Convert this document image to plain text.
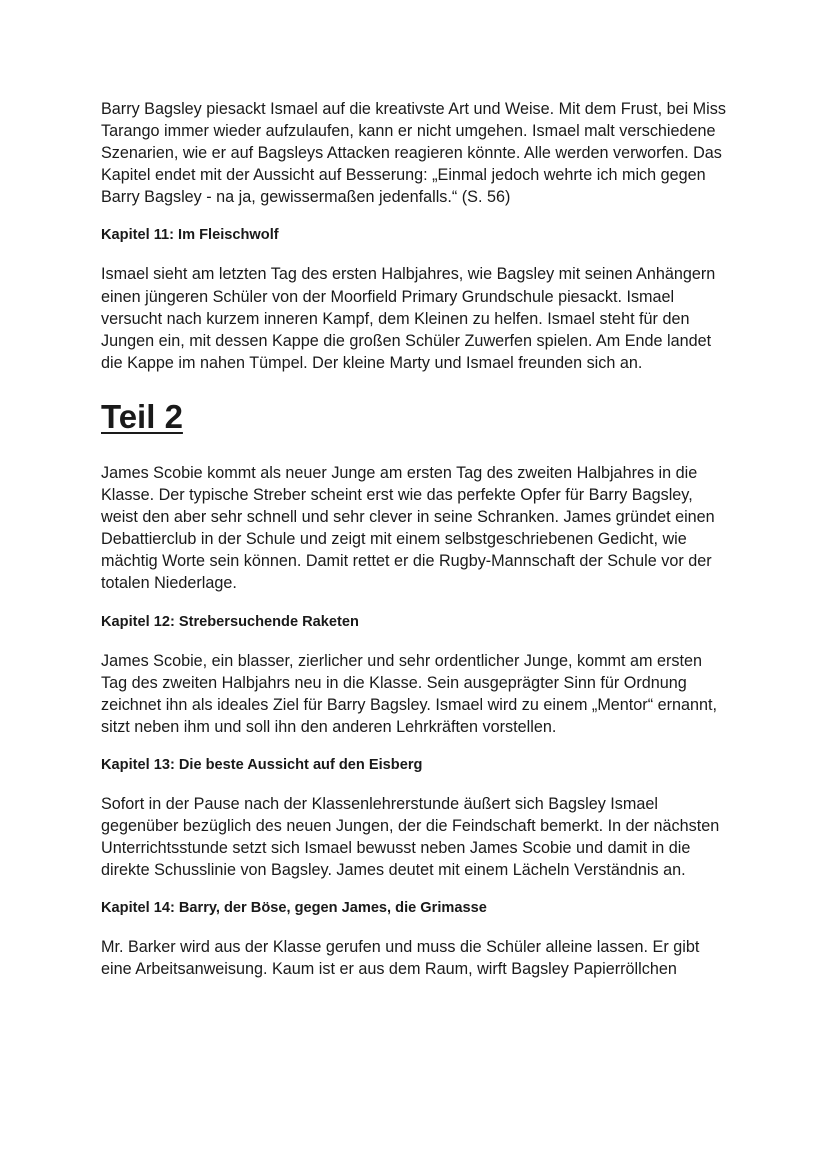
Barry Bagsley piesackt Ismael auf die kreativste Art und Weise. Mit dem Frust, bei Miss Tarango immer wieder aufzulaufen, kann er nicht umgehen. Ismael malt verschiedene Szenarien, wie er auf Bagsleys Attacken reagieren könnte. Alle werden verworfen. Das Kapitel endet mit der Aussicht auf Besserung: „Einmal jedoch wehrte ich mich gegen Barry Bagsley - na ja, gewissermaßen jedenfalls.“ (S. 56)

Kapitel 11: Im Fleischwolf

Ismael sieht am letzten Tag des ersten Halbjahres, wie Bagsley mit seinen Anhängern einen jüngeren Schüler von der Moorfield Primary Grundschule piesackt. Ismael versucht nach kurzem inneren Kampf, dem Kleinen zu helfen. Ismael steht für den Jungen ein, mit dessen Kappe die großen Schüler Zuwerfen spielen. Am Ende landet die Kappe im nahen Tümpel. Der kleine Marty und Ismael freunden sich an.

Teil 2

James Scobie kommt als neuer Junge am ersten Tag des zweiten Halbjahres in die Klasse. Der typische Streber scheint erst wie das perfekte Opfer für Barry Bagsley, weist den aber sehr schnell und sehr clever in seine Schranken. James gründet einen Debattierclub in der Schule und zeigt mit einem selbstgeschriebenen Gedicht, wie mächtig Worte sein können. Damit rettet er die Rugby-Mannschaft der Schule vor der totalen Niederlage.

Kapitel 12: Strebersuchende Raketen

James Scobie, ein blasser, zierlicher und sehr ordentlicher Junge, kommt am ersten Tag des zweiten Halbjahrs neu in die Klasse. Sein ausgeprägter Sinn für Ordnung zeichnet ihn als ideales Ziel für Barry Bagsley. Ismael wird zu einem „Mentor“ ernannt, sitzt neben ihm und soll ihn den anderen Lehrkräften vorstellen.

Kapitel 13: Die beste Aussicht auf den Eisberg

Sofort in der Pause nach der Klassenlehrerstunde äußert sich Bagsley Ismael gegenüber bezüglich des neuen Jungen, der die Feindschaft bemerkt. In der nächsten Unterrichtsstunde setzt sich Ismael bewusst neben James Scobie und damit in die direkte Schusslinie von Bagsley. James deutet mit einem Lächeln Verständnis an.

Kapitel 14: Barry, der Böse, gegen James, die Grimasse

Mr. Barker wird aus der Klasse gerufen und muss die Schüler alleine lassen. Er gibt eine Arbeitsanweisung. Kaum ist er aus dem Raum, wirft Bagsley Papierröllchen
